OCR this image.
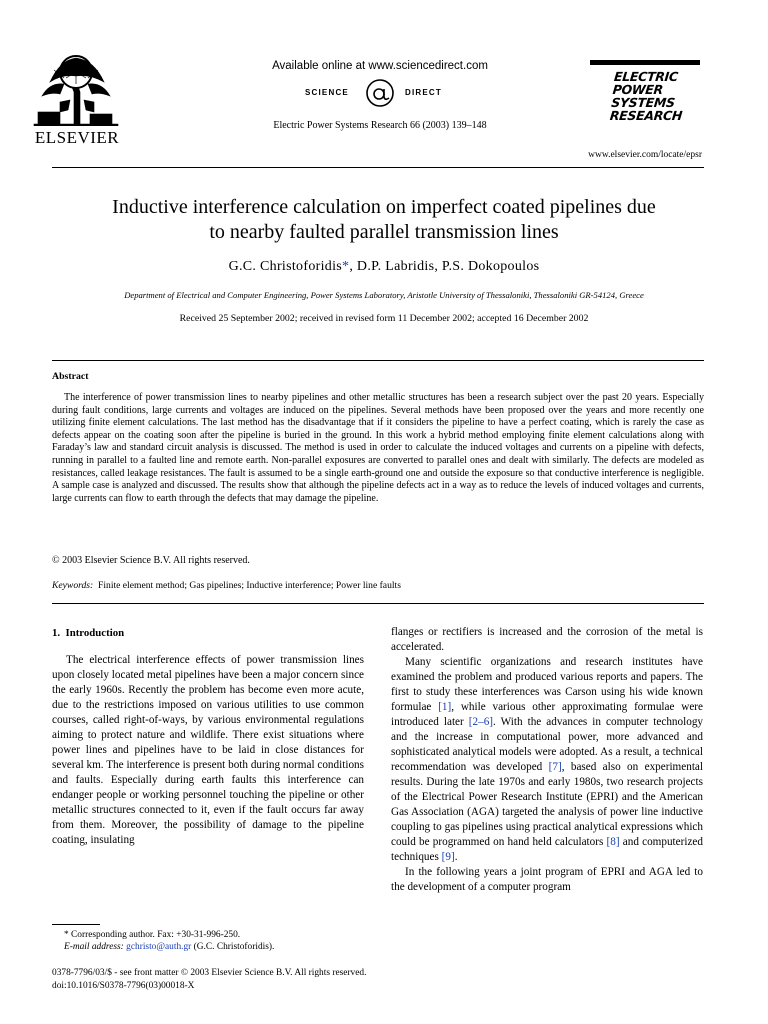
ELSEVIER
Available online at www.sciencedirect.com
SCIENCE	DIRECT
Electric Power Systems Research 66 (2003) 139–148
ELECTRIC
POWER
SYSTEMS
RESEARCH
www.elsevier.com/locate/epsr
Inductive interference calculation on imperfect coated pipelines due
to nearby faulted parallel transmission lines
G.C. Christoforidis*, D.P. Labridis, P.S. Dokopoulos
Department of Electrical and Computer Engineering, Power Systems Laboratory, Aristotle University of Thessaloniki, Thessaloniki GR-54124, Greece
Received 25 September 2002; received in revised form 11 December 2002; accepted 16 December 2002
Abstract
The interference of power transmission lines to nearby pipelines and other metallic structures has been a research subject over the past 20 years. Especially during fault conditions, large currents and voltages are induced on the pipelines. Several methods have been proposed over the years and more recently one utilizing finite element calculations. The last method has the disadvantage that if it considers the pipeline to have a perfect coating, which is rarely the case as defects appear on the coating soon after the pipeline is buried in the ground. In this work a hybrid method employing finite element calculations along with Faraday’s law and standard circuit analysis is discussed. The method is used in order to calculate the induced voltages and currents on a pipeline with defects, running in parallel to a faulted line and remote earth. Non-parallel exposures are converted to parallel ones and dealt with similarly. The defects are modeled as resistances, called leakage resistances. The fault is assumed to be a single earth-ground one and outside the exposure so that conductive interference is negligible. A sample case is analyzed and discussed. The results show that although the pipeline defects act in a way as to reduce the levels of induced voltages and currents, large currents can flow to earth through the defects that may damage the pipeline.
© 2003 Elsevier Science B.V. All rights reserved.
Keywords: Finite element method; Gas pipelines; Inductive interference; Power line faults
1.  Introduction
The electrical interference effects of power transmission lines upon closely located metal pipelines have been a major concern since the early 1960s. Recently the problem has become even more acute, due to the restrictions imposed on various utilities to use common courses, called right-of-ways, by various environmental regulations aiming to protect nature and wildlife. There exist situations where power lines and pipelines have to be laid in close distances for several km. The interference is present both during normal conditions and faults. Especially during earth faults this interference can endanger people or working personnel touching the pipeline or other metallic structures connected to it, even if the fault occurs far away from them. Moreover, the possibility of damage to the pipeline coating, insulating
flanges or rectifiers is increased and the corrosion of the metal is accelerated.
Many scientific organizations and research institutes have examined the problem and produced various reports and papers. The first to study these interferences was Carson using his wide known formulae [1], while various other approximating formulae were introduced later [2–6]. With the advances in computer technology and the increase in computational power, more advanced and sophisticated analytical models were adopted. As a result, a technical recommendation was developed [7], based also on experimental results. During the late 1970s and early 1980s, two research projects of the Electrical Power Research Institute (EPRI) and the American Gas Association (AGA) targeted the analysis of power line inductive coupling to gas pipelines using practical analytical expressions which could be programmed on hand held calculators [8] and computerized techniques [9].
In the following years a joint program of EPRI and AGA led to the development of a computer program
* Corresponding author. Fax: +30-31-996-250.
E-mail address: gchristo@auth.gr (G.C. Christoforidis).
0378-7796/03/$ - see front matter © 2003 Elsevier Science B.V. All rights reserved.
doi:10.1016/S0378-7796(03)00018-X
